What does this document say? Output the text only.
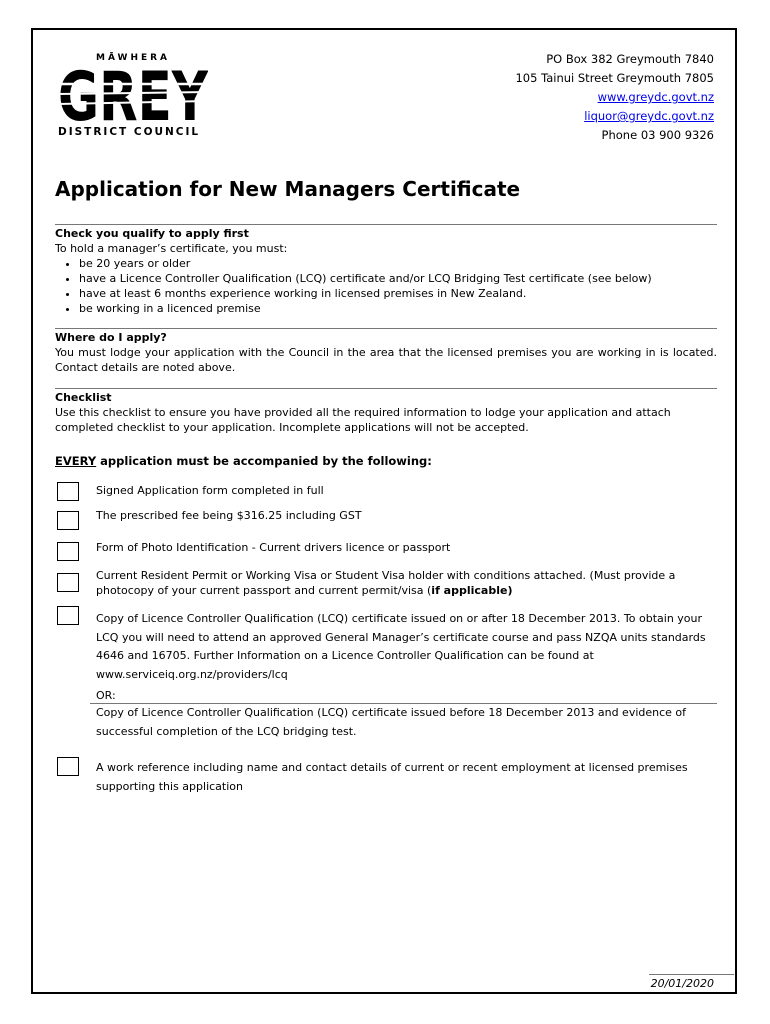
MĀWHERA
DISTRICT COUNCIL
PO Box 382 Greymouth 7840
105 Tainui Street Greymouth 7805
www.greydc.govt.nz
liquor@greydc.govt.nz
Phone 03 900 9326
Application for New Managers Certificate
Check you qualify to apply first
To hold a manager’s certificate, you must:
• be 20 years or older
• have a Licence Controller Qualification (LCQ) certificate and/or LCQ Bridging Test certificate (see below)
• have at least 6 months experience working in licensed premises in New Zealand.
• be working in a licenced premise
Where do I apply?
You must lodge your application with the Council in the area that the licensed premises you are working in is located. Contact details are noted above.
Checklist
Use this checklist to ensure you have provided all the required information to lodge your application and attach completed checklist to your application. Incomplete applications will not be accepted.
EVERY application must be accompanied by the following:
Signed Application form completed in full
The prescribed fee being $316.25 including GST
Form of Photo Identification - Current drivers licence or passport
Current Resident Permit or Working Visa or Student Visa holder with conditions attached. (Must provide a photocopy of your current passport and current permit/visa (if applicable)
Copy of Licence Controller Qualification (LCQ) certificate issued on or after 18 December 2013. To obtain your LCQ you will need to attend an approved General Manager’s certificate course and pass NZQA units standards 4646 and 16705. Further Information on a Licence Controller Qualification can be found at www.serviceiq.org.nz/providers/lcq
OR:
Copy of Licence Controller Qualification (LCQ) certificate issued before 18 December 2013 and evidence of successful completion of the LCQ bridging test.
A work reference including name and contact details of current or recent employment at licensed premises supporting this application
20/01/2020
